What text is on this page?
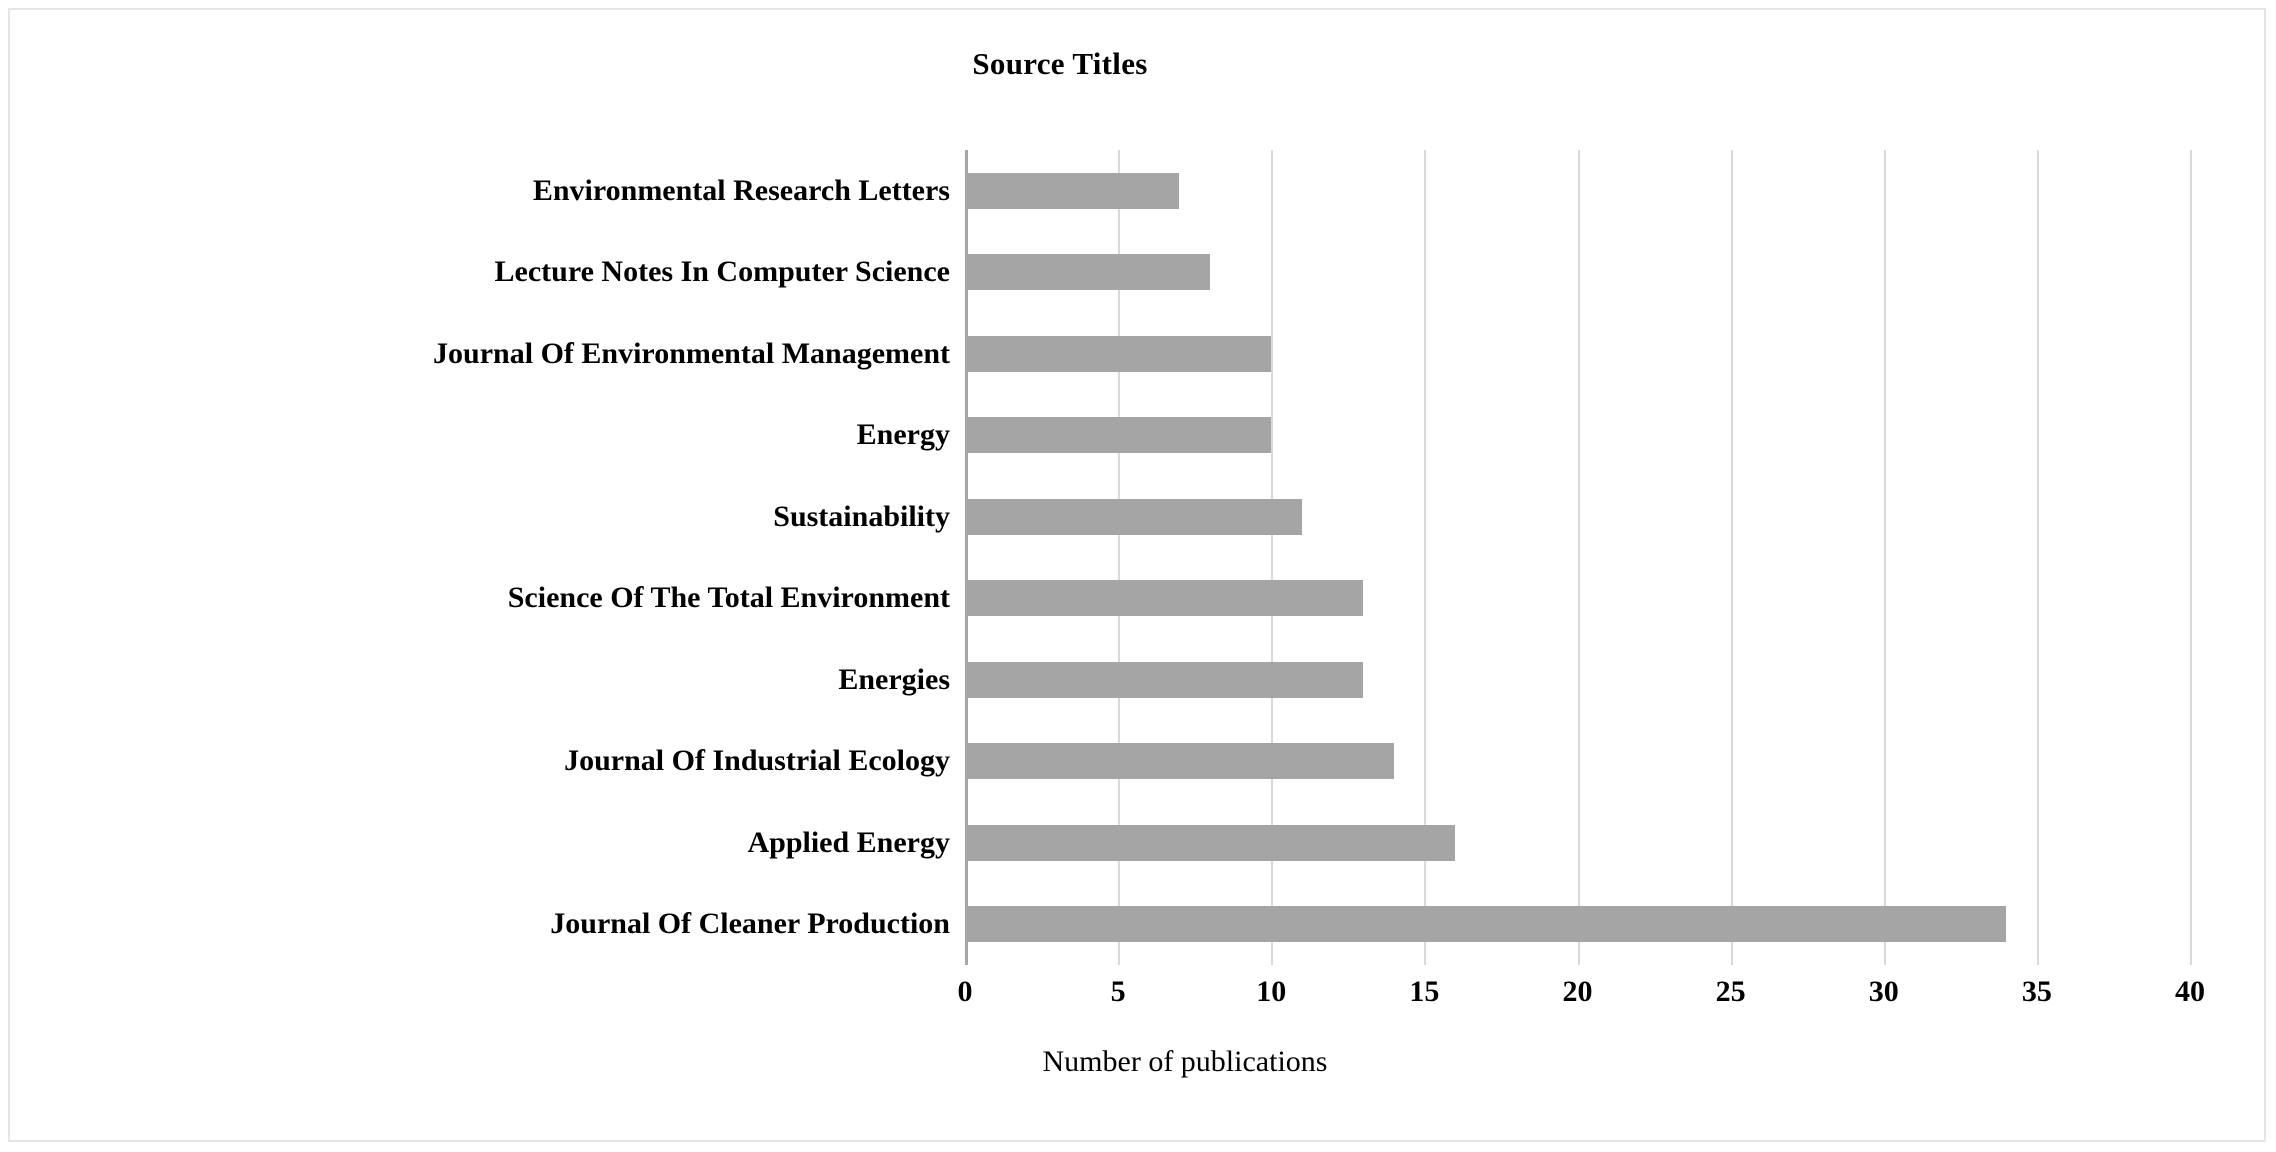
Source Titles
Environmental Research Letters
Lecture Notes In Computer Science
Journal Of Environmental Management
Energy
Sustainability
Science Of The Total Environment
Energies
Journal Of Industrial Ecology
Applied Energy
Journal Of Cleaner Production
0	5	10	15	20	25	30	35	40
Number of publications
